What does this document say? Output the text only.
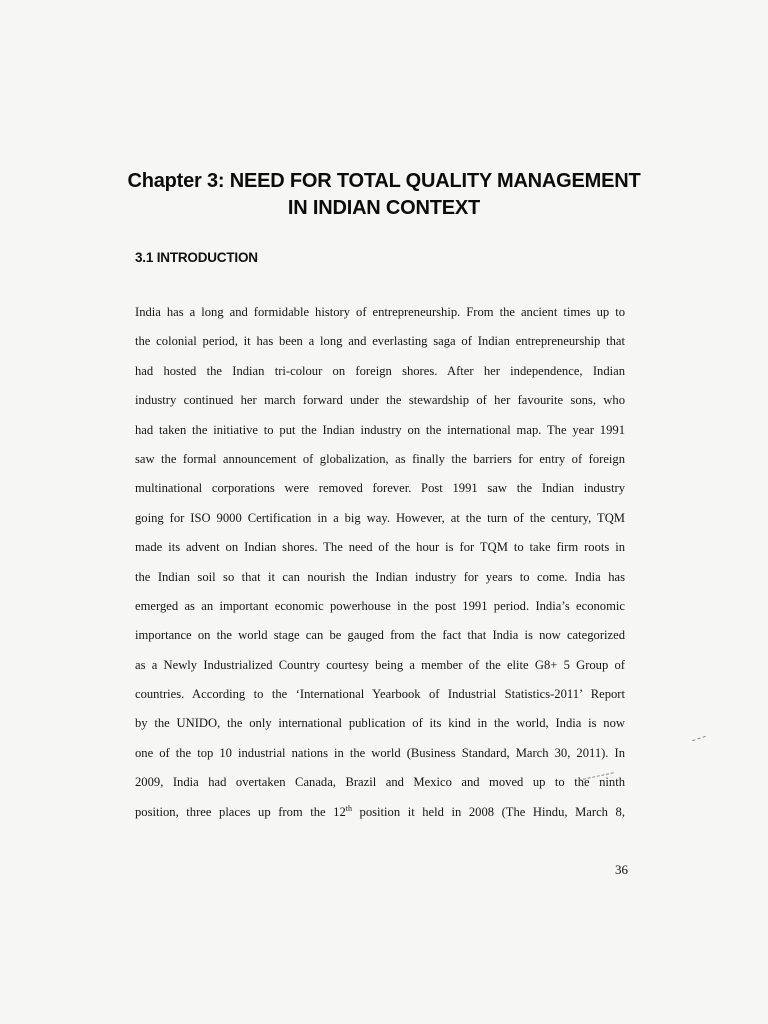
Chapter 3: NEED FOR TOTAL QUALITY MANAGEMENT
IN INDIAN CONTEXT
3.1 INTRODUCTION
India has a long and formidable history of entrepreneurship. From the ancient times up to
the colonial period, it has been a long and everlasting saga of Indian entrepreneurship that
had hosted the Indian tri-colour on foreign shores. After her independence, Indian
industry continued her march forward under the stewardship of her favourite sons, who
had taken the initiative to put the Indian industry on the international map. The year 1991
saw the formal announcement of globalization, as finally the barriers for entry of foreign
multinational corporations were removed forever. Post 1991 saw the Indian industry
going for ISO 9000 Certification in a big way. However, at the turn of the century, TQM
made its advent on Indian shores. The need of the hour is for TQM to take firm roots in
the Indian soil so that it can nourish the Indian industry for years to come. India has
emerged as an important economic powerhouse in the post 1991 period. India’s economic
importance on the world stage can be gauged from the fact that India is now categorized
as a Newly Industrialized Country courtesy being a member of the elite G8+ 5 Group of
countries. According to the ‘International Yearbook of Industrial Statistics-2011’ Report
by the UNIDO, the only international publication of its kind in the world, India is now
one of the top 10 industrial nations in the world (Business Standard, March 30, 2011). In
2009, India had overtaken Canada, Brazil and Mexico and moved up to the ninth
position, three places up from the 12th position it held in 2008 (The Hindu, March 8,
36
